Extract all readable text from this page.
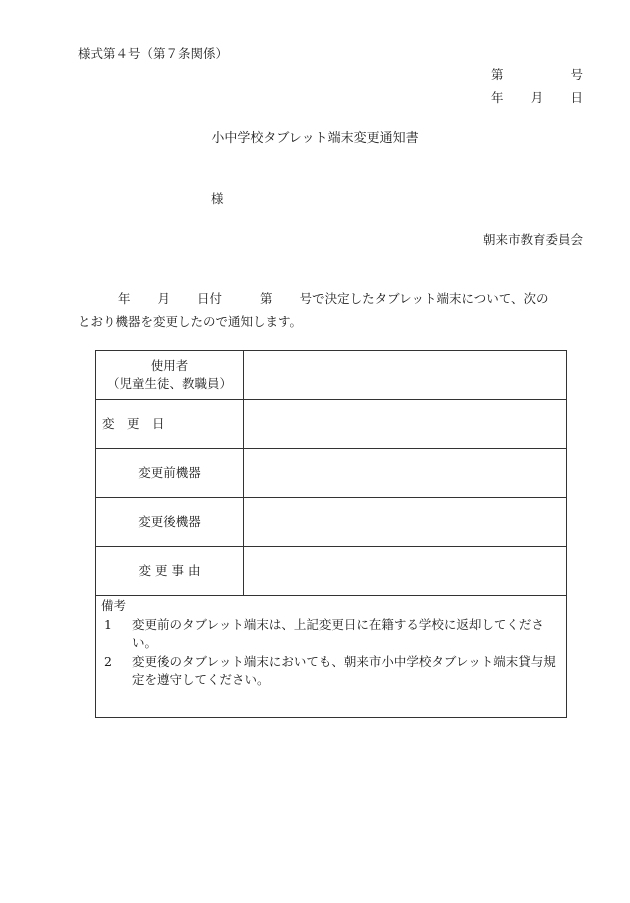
様式第４号（第７条関係）
第	号
年 月 日
小中学校タブレット端末変更通知書
様
朝来市教育委員会
年 月 日付	第 号で決定したタブレット端末について、次の
とおり機器を変更したので通知します。
使用者
（児童生徒、教職員）	

変　更　日	
変更前機器	
変更後機器	
変 更 事 由	

備考
1 変更前のタブレット端末は、上記変更日に在籍する学校に返却してください。
2 変更後のタブレット端末においても、朝来市小中学校タブレット端末貸与規定を遵守してください。	
